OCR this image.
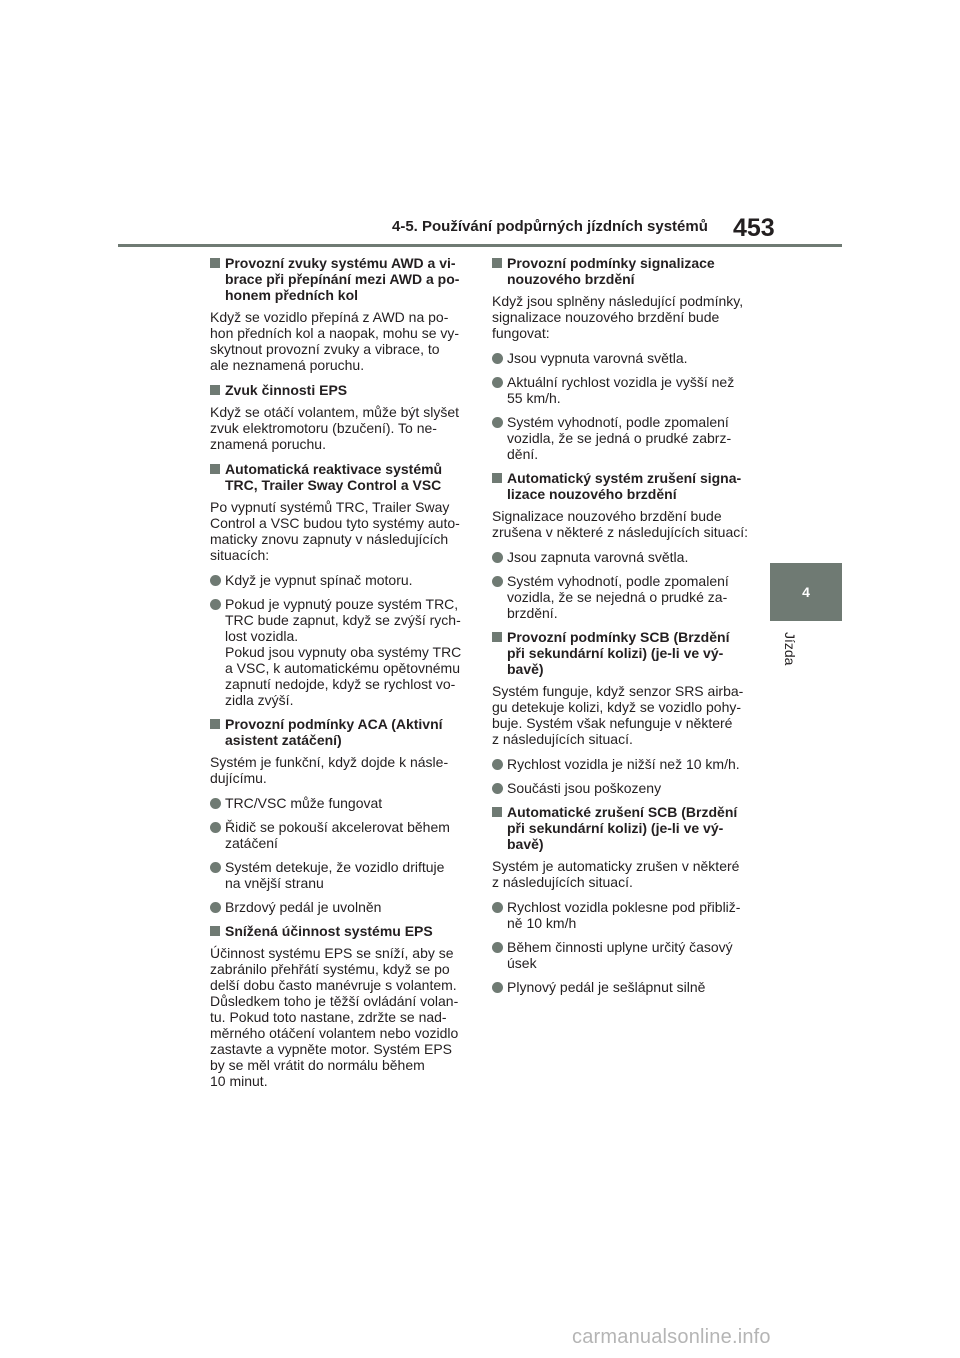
4-5. Používání podpůrných jízdních systémů 453
4
Jízda
Provozní zvuky systému AWD a vi-
brace při přepínání mezi AWD a po-
honem předních kol
Když se vozidlo přepíná z AWD na po-
hon předních kol a naopak, mohu se vy-
skytnout provozní zvuky a vibrace, to
ale neznamená poruchu.
Zvuk činnosti EPS
Když se otáčí volantem, může být slyšet
zvuk elektromotoru (bzučení). To ne-
znamená poruchu.
Automatická reaktivace systémů
TRC, Trailer Sway Control a VSC
Po vypnutí systémů TRC, Trailer Sway
Control a VSC budou tyto systémy auto-
maticky znovu zapnuty v následujících
situacích:
Když je vypnut spínač motoru.
Pokud je vypnutý pouze systém TRC,
TRC bude zapnut, když se zvýší rych-
lost vozidla.
Pokud jsou vypnuty oba systémy TRC
a VSC, k automatickému opětovnému
zapnutí nedojde, když se rychlost vo-
zidla zvýší.
Provozní podmínky ACA (Aktivní
asistent zatáčení)
Systém je funkční, když dojde k násle-
dujícímu.
TRC/VSC může fungovat
Řidič se pokouší akcelerovat během
zatáčení
Systém detekuje, že vozidlo driftuje
na vnější stranu
Brzdový pedál je uvolněn
Snížená účinnost systému EPS
Účinnost systému EPS se sníží, aby se
zabránilo přehřátí systému, když se po
delší dobu často manévruje s volantem.
Důsledkem toho je těžší ovládání volan-
tu. Pokud toto nastane, zdržte se nad-
měrného otáčení volantem nebo vozidlo
zastavte a vypněte motor. Systém EPS
by se měl vrátit do normálu během
10 minut.
Provozní podmínky signalizace
nouzového brzdění
Když jsou splněny následující podmínky,
signalizace nouzového brzdění bude
fungovat:
Jsou vypnuta varovná světla.
Aktuální rychlost vozidla je vyšší než
55 km/h.
Systém vyhodnotí, podle zpomalení
vozidla, že se jedná o prudké zabrz-
dění.
Automatický systém zrušení signa-
lizace nouzového brzdění
Signalizace nouzového brzdění bude
zrušena v některé z následujících situací:
Jsou zapnuta varovná světla.
Systém vyhodnotí, podle zpomalení
vozidla, že se nejedná o prudké za-
brzdění.
Provozní podmínky SCB (Brzdění
při sekundární kolizi) (je-li ve vý-
bavě)
Systém funguje, když senzor SRS airba-
gu detekuje kolizi, když se vozidlo pohy-
buje. Systém však nefunguje v některé
z následujících situací.
Rychlost vozidla je nižší než 10 km/h.
Součásti jsou poškozeny
Automatické zrušení SCB (Brzdění
při sekundární kolizi) (je-li ve vý-
bavě)
Systém je automaticky zrušen v některé
z následujících situací.
Rychlost vozidla poklesne pod přibliž-
ně 10 km/h
Během činnosti uplyne určitý časový
úsek
Plynový pedál je sešlápnut silně
carmanualsonline.info
